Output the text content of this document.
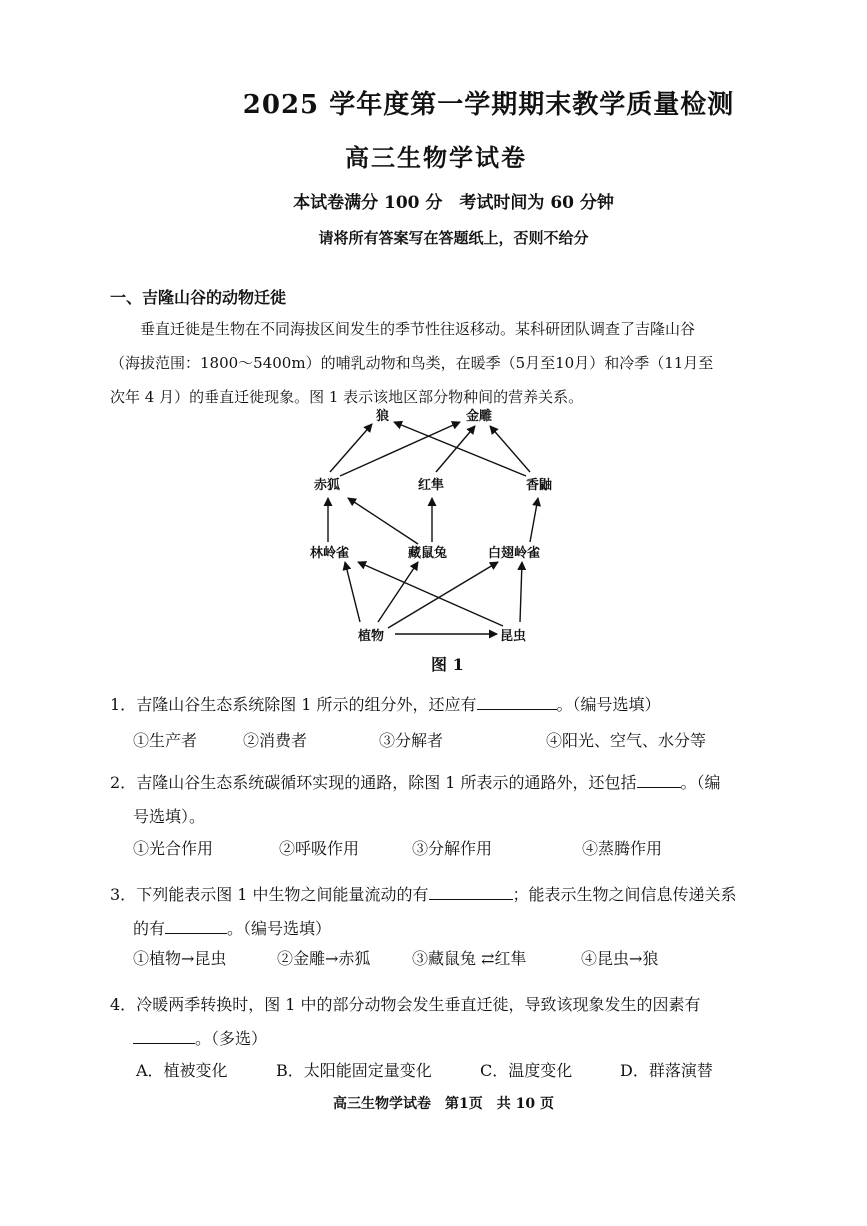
2025 学年度第一学期期末教学质量检测
高三生物学试卷
本试卷满分 100 分　考试时间为 60 分钟
请将所有答案写在答题纸上，否则不给分
一、吉隆山谷的动物迁徙
垂直迁徙是生物在不同海拔区间发生的季节性往返移动。某科研团队调查了吉隆山谷
（海拔范围：1800～5400m）的哺乳动物和鸟类，在暖季（5月至10月）和冷季（11月至
次年 4 月）的垂直迁徙现象。图 1 表示该地区部分物种间的营养关系。
狼	金雕
赤狐	红隼	香鼬
林岭雀	藏鼠兔	白翅岭雀
植物	昆虫
图 1
1．吉隆山谷生态系统除图 1 所示的组分外，还应有	。（编号选填）
①生产者	②消费者	③分解者	④阳光、空气、水分等
2．吉隆山谷生态系统碳循环实现的通路，除图 1 所表示的通路外，还包括	。（编
号选填）。
①光合作用	②呼吸作用	③分解作用	④蒸腾作用
3．下列能表示图 1 中生物之间能量流动的有	；能表示生物之间信息传递关系
的有	。（编号选填）
①植物→昆虫	②金雕→赤狐	③藏鼠兔 ⇄红隼	④昆虫→狼
4．冷暖两季转换时，图 1 中的部分动物会发生垂直迁徙，导致该现象发生的因素有
。（多选）
A．植被变化	B．太阳能固定量变化	C．温度变化	D．群落演替
高三生物学试卷　第1页　共 10 页
